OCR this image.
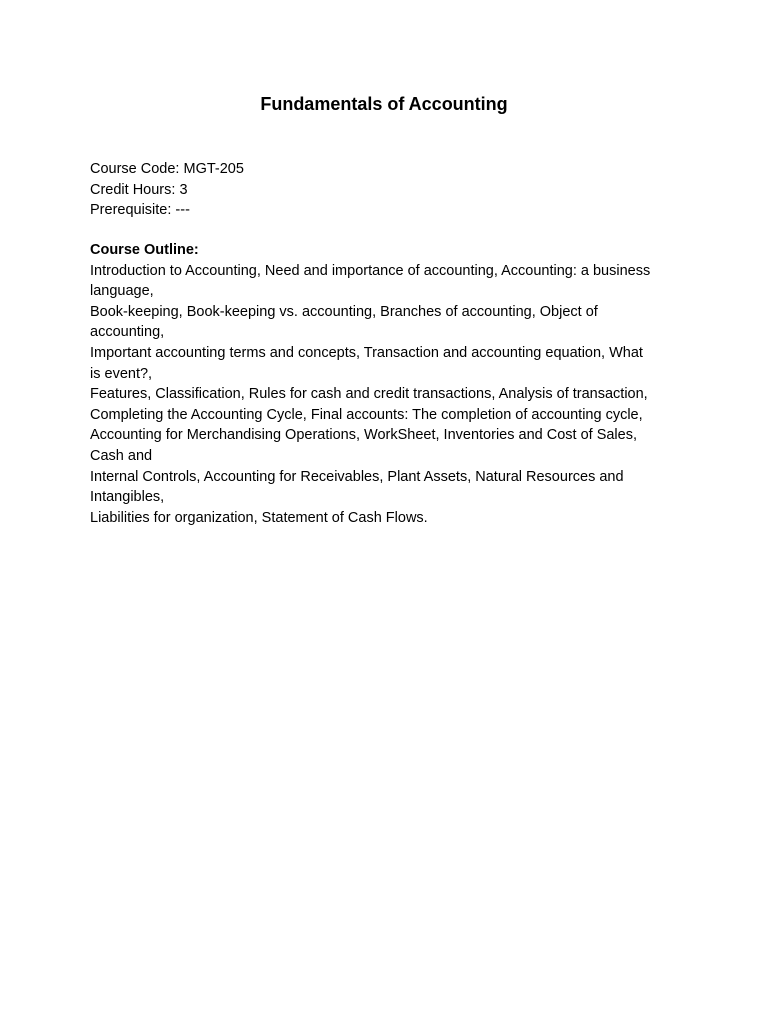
Fundamentals of Accounting
Course Code: MGT-205
Credit Hours: 3
Prerequisite: ---
Course Outline:
Introduction to Accounting, Need and importance of accounting, Accounting: a business
language,
Book-keeping, Book-keeping vs. accounting, Branches of accounting, Object of
accounting,
Important accounting terms and concepts, Transaction and accounting equation, What
is event?,
Features, Classification, Rules for cash and credit transactions, Analysis of transaction,
Completing the Accounting Cycle, Final accounts: The completion of accounting cycle,
Accounting for Merchandising Operations, WorkSheet, Inventories and Cost of Sales,
Cash and
Internal Controls, Accounting for Receivables, Plant Assets, Natural Resources and
Intangibles,
Liabilities for organization, Statement of Cash Flows.
